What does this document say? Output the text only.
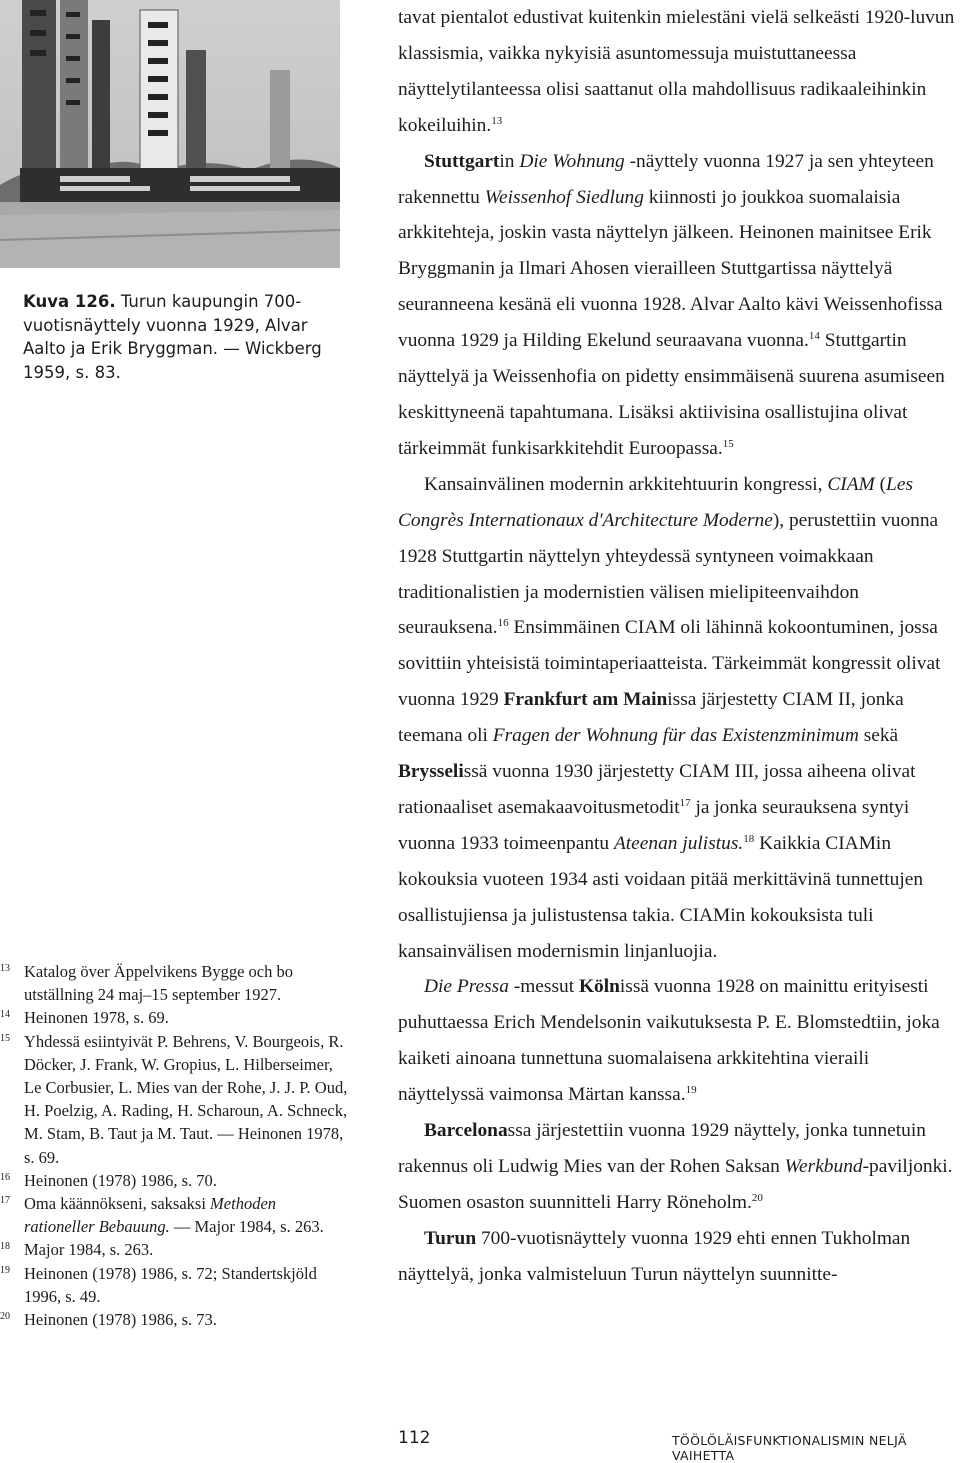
Kuva 126. Turun kaupungin 700-vuotisnäyttely vuonna 1929, Alvar Aalto ja Erik Bryggman. — Wickberg 1959, s. 83.
13 Katalog över Äppelvikens Bygge och bo utställning 24 maj–15 september 1927.
14 Heinonen 1978, s. 69.
15 Yhdessä esiintyivät P. Behrens, V. Bourgeois, R. Döcker, J. Frank, W. Gropius, L. Hilberseimer, Le Corbusier, L. Mies van der Rohe, J. J. P. Oud, H. Poelzig, A. Rading, H. Scharoun, A. Schneck, M. Stam, B. Taut ja M. Taut. — Heinonen 1978, s. 69.
16 Heinonen (1978) 1986, s. 70.
17 Oma käännökseni, saksaksi Methoden rationeller Bebauung. — Major 1984, s. 263.
18 Major 1984, s. 263.
19 Heinonen (1978) 1986, s. 72; Standertskjöld 1996, s. 49.
20 Heinonen (1978) 1986, s. 73.

tavat pientalot edustivat kuitenkin mielestäni vielä selkeästi 1920-luvun klassismia, vaikka nykyisiä asuntomessuja muistuttaneessa näyttelytilanteessa olisi saattanut olla mahdollisuus radikaaleihinkin kokeiluihin.$^{13}$

Stuttgartin Die Wohnung -näyttely vuonna 1927 ja sen yhteyteen rakennettu Weissenhof Siedlung kiinnosti jo joukkoa suomalaisia arkkitehteja, joskin vasta näyttelyn jälkeen. Heinonen mainitsee Erik Bryggmanin ja Ilmari Ahosen vierailleen Stuttgartissa näyttelyä seuranneena kesänä eli vuonna 1928. Alvar Aalto kävi Weissenhofissa vuonna 1929 ja Hilding Ekelund seuraavana vuonna.$^{14}$ Stuttgartin näyttelyä ja Weissenhofia on pidetty ensimmäisenä suurena asumiseen keskittyneenä tapahtumana. Lisäksi aktiivisina osallistujina olivat tärkeimmät funkisarkkitehdit Euroopassa.$^{15}$

Kansainvälinen modernin arkkitehtuurin kongressi, CIAM (Les Congrès Internationaux d'Architecture Moderne), perustettiin vuonna 1928 Stuttgartin näyttelyn yhteydessä syntyneen voimakkaan traditionalistien ja modernistien välisen mielipiteenvaihdon seurauksena.$^{16}$ Ensimmäinen CIAM oli lähinnä kokoontuminen, jossa sovittiin yhteisistä toimintaperiaatteista. Tärkeimmät kongressit olivat vuonna 1929 Frankfurt am Mainissa järjestetty CIAM II, jonka teemana oli Fragen der Wohnung für das Existenzminimum sekä Brysselissä vuonna 1930 järjestetty CIAM III, jossa aiheena olivat rationaaliset asemakaavoitusmetodit$^{17}$ ja jonka seurauksena syntyi vuonna 1933 toimeenpantu Ateenan julistus.$^{18}$ Kaikkia CIAMin kokouksia vuoteen 1934 asti voidaan pitää merkittävinä tunnettujen osallistujiensa ja julistustensa takia. CIAMin kokouksista tuli kansainvälisen modernismin linjanluojia.

Die Pressa -messut Kölnissä vuonna 1928 on mainittu erityisesti puhuttaessa Erich Mendelsonin vaikutuksesta P. E. Blomstedtiin, joka kaiketi ainoana tunnettuna suomalaisena arkkitehtina vieraili näyttelyssä vaimonsa Märtan kanssa.$^{19}$

Barcelonassa järjestettiin vuonna 1929 näyttely, jonka tunnetuin rakennus oli Ludwig Mies van der Rohen Saksan Werkbund-paviljonki. Suomen osaston suunnitteli Harry Röneholm.$^{20}$

Turun 700-vuotisnäyttely vuonna 1929 ehti ennen Tukholman näyttelyä, jonka valmisteluun Turun näyttelyn suunnitte-

112	TÖÖLÖLÄISFUNKTIONALISMIN NELJÄ VAIHETTA
